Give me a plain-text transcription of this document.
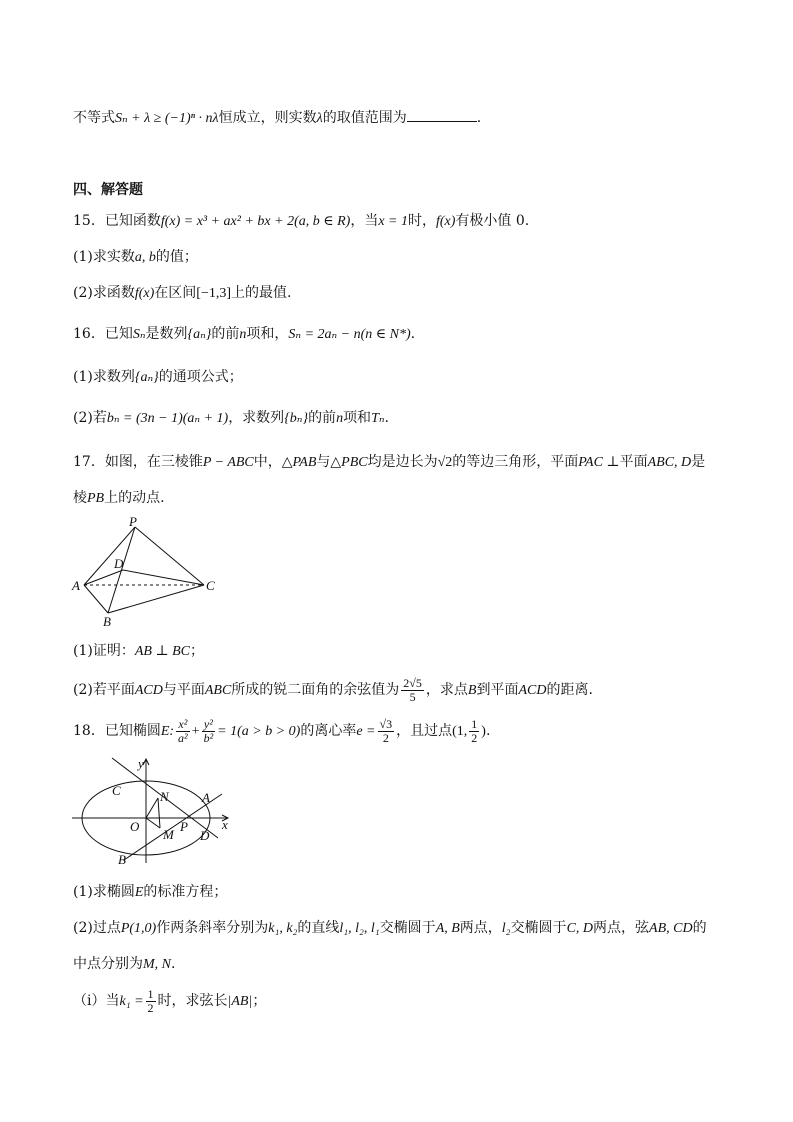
不等式Sₙ + λ ≥ (−1)ⁿ · nλ恒成立，则实数λ的取值范围为	.
四、解答题
15．已知函数f(x) = x³ + ax² + bx + 2(a, b ∈ R)，当x = 1时，f(x)有极小值 0.
(1)求实数a, b的值；
(2)求函数f(x)在区间[−1,3]上的最值.
16．已知Sₙ是数列{aₙ}的前n项和，Sₙ = 2aₙ − n(n ∈ N*).
(1)求数列{aₙ}的通项公式；
(2)若bₙ = (3n − 1)(aₙ + 1)，求数列{bₙ}的前n项和Tₙ.
17．如图，在三棱锥P − ABC中，△PAB与△PBC均是边长为√2的等边三角形，平面PAC ⊥平面ABC, D是
棱PB上的动点.
P
A
B
C
D
(1)证明：AB ⊥ BC；
(2)若平面ACD与平面ABC所成的锐二面角的余弦值为 $\frac{2√5}{5}$ ，求点B到平面ACD的距离.
18．已知椭圆E: $\frac{\text{x²}}{\text{a²}} + \frac{\text{y²}}{\text{b²}} = 1(a > b > 0)$的离心率$e = \frac{√3}{2}$ ，且过点(1, $\frac{1}{2}$ ).
y
x
O
A
B
C
D
N
M
P
(1)求椭圆E的标准方程；
(2)过点P(1,0)作两条斜率分别为k₁, k₂的直线l₁, l₂, l₁交椭圆于A, B两点，l₂交椭圆于C, D两点，弦AB, CD的
中点分别为M, N.
（i）当$k_1 = \frac{1}{2}$ 时，求弦长|AB|；
